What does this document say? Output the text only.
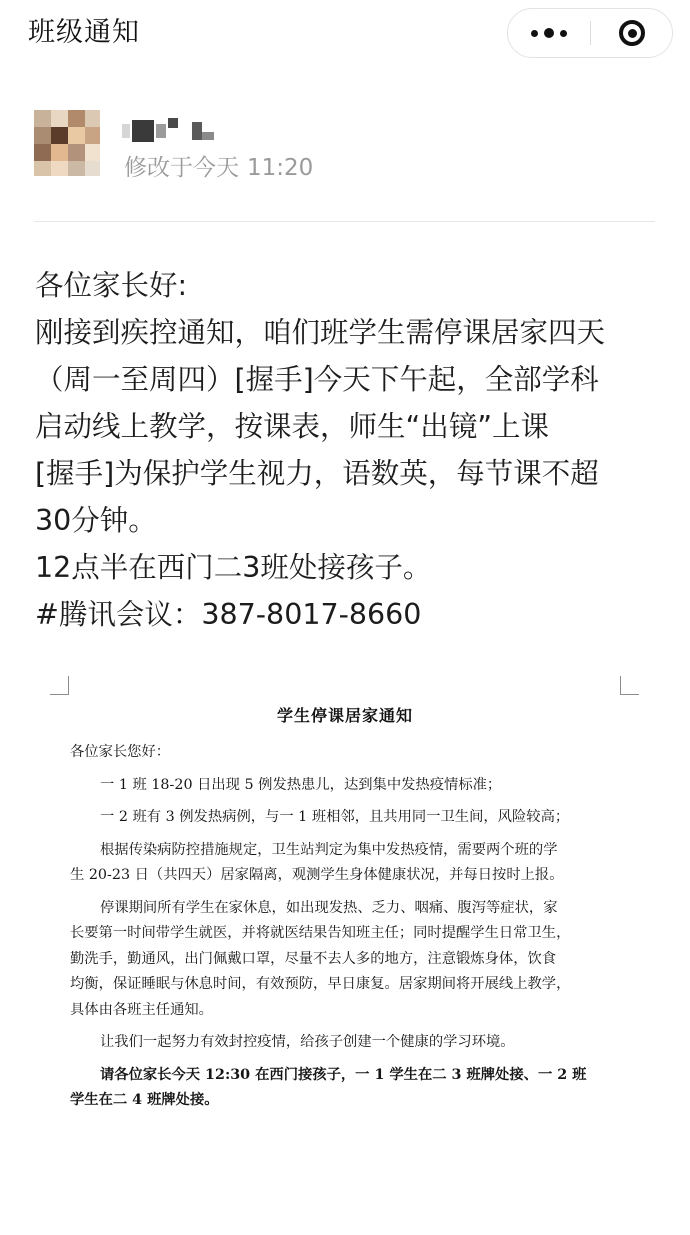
班级通知
修改于今天 11:20
各位家长好:
刚接到疾控通知，咱们班学生需停课居家四天
（周一至周四）[握手]今天下午起，全部学科
启动线上教学，按课表，师生“出镜”上课
[握手]为保护学生视力，语数英，每节课不超
30分钟。
12点半在西门二3班处接孩子。
#腾讯会议：387-8017-8660
学生停课居家通知
各位家长您好：
一 1 班 18-20 日出现 5 例发热患儿，达到集中发热疫情标准；
一 2 班有 3 例发热病例，与一 1 班相邻，且共用同一卫生间，风险较高；
根据传染病防控措施规定，卫生站判定为集中发热疫情，需要两个班的学
生 20-23 日（共四天）居家隔离，观测学生身体健康状况，并每日按时上报。
停课期间所有学生在家休息，如出现发热、乏力、咽痛、腹泻等症状，家
长要第一时间带学生就医，并将就医结果告知班主任；同时提醒学生日常卫生，
勤洗手，勤通风，出门佩戴口罩，尽量不去人多的地方，注意锻炼身体，饮食
均衡，保证睡眠与休息时间，有效预防，早日康复。居家期间将开展线上教学，
具体由各班主任通知。
让我们一起努力有效封控疫情，给孩子创建一个健康的学习环境。
请各位家长今天 12:30 在西门接孩子，一 1 学生在二 3 班牌处接、一 2 班
学生在二 4 班牌处接。
